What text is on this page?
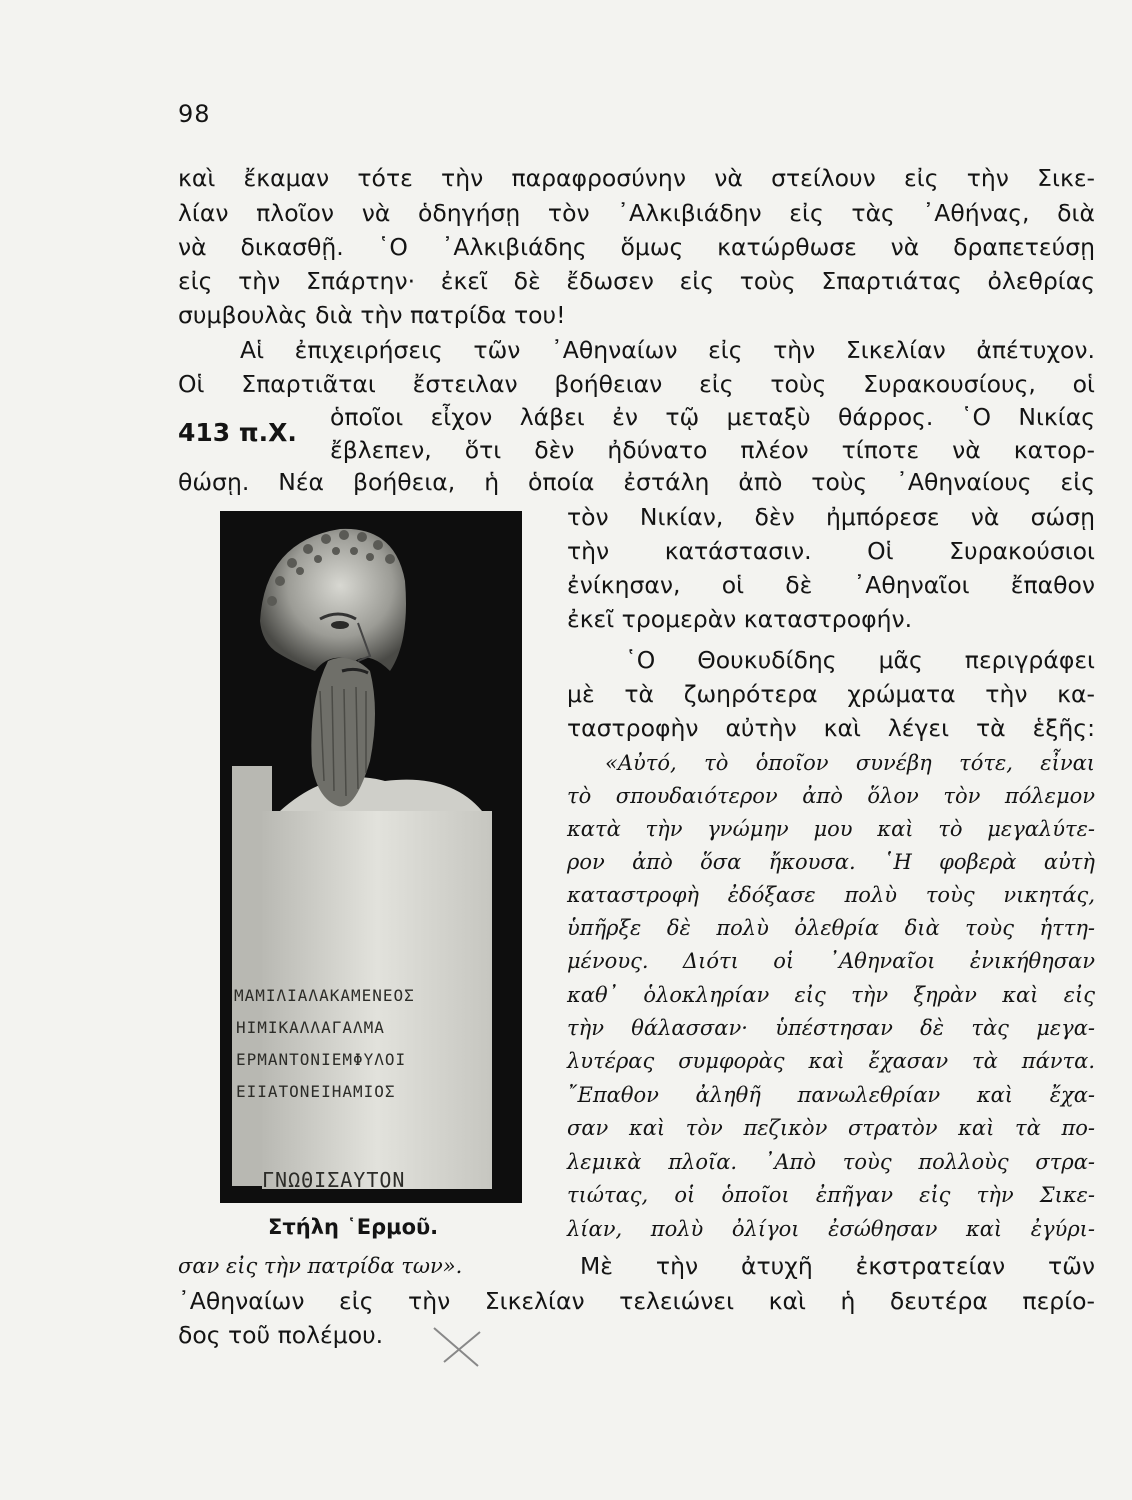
98
καὶ ἔκαμαν τότε τὴν παραφροσύνην νὰ στείλουν εἰς τὴν Σικε-
λίαν πλοῖον νὰ ὁδηγήσῃ τὸν ᾿Αλκιβιάδην εἰς τὰς ᾿Αθήνας, διὰ
νὰ δικασθῇ. ῾Ο ᾿Αλκιβιάδης ὅμως κατώρθωσε νὰ δραπετεύσῃ
εἰς τὴν Σπάρτην· ἐκεῖ δὲ ἔδωσεν εἰς τοὺς Σπαρτιάτας ὀλεθρίας
συμβουλὰς διὰ τὴν πατρίδα του!
Αἱ ἐπιχειρήσεις τῶν ᾿Αθηναίων εἰς τὴν Σικελίαν ἀπέτυχον.
Οἱ Σπαρτιᾶται ἔστειλαν βοήθειαν εἰς τοὺς Συρακουσίους, οἱ
413 π.Χ.
ὁποῖοι εἶχον λάβει ἐν τῷ μεταξὺ θάρρος. ῾Ο Νικίας
ἔβλεπεν, ὅτι δὲν ἠδύνατο πλέον τίποτε νὰ κατορ-
θώσῃ. Νέα βοήθεια, ἡ ὁποία ἐστάλη ἀπὸ τοὺς ᾿Αθηναίους εἰς
τὸν Νικίαν, δὲν ἠμπόρεσε νὰ σώσῃ
τὴν κατάστασιν. Οἱ Συρακούσιοι
ἐνίκησαν, οἱ δὲ ᾿Αθηναῖοι ἔπαθον
ἐκεῖ τρομερὰν καταστροφήν.
῾Ο Θουκυδίδης μᾶς περιγράφει
μὲ τὰ ζωηρότερα χρώματα τὴν κα-
ταστροφὴν αὐτὴν καὶ λέγει τὰ ἑξῆς:
«Αὐτό, τὸ ὁποῖον συνέβη τότε, εἶναι
τὸ σπουδαιότερον ἀπὸ ὅλον τὸν πόλεμον
κατὰ τὴν γνώμην μου καὶ τὸ μεγαλύτε-
ρον ἀπὸ ὅσα ἤκουσα. ῾Η φοβερὰ αὐτὴ
καταστροφὴ ἐδόξασε πολὺ τοὺς νικητάς,
ὑπῆρξε δὲ πολὺ ὀλεθρία διὰ τοὺς ἡττη-
μένους. Διότι οἱ ᾿Αθηναῖοι ἐνικήθησαν
καθ᾿ ὁλοκληρίαν εἰς τὴν ξηρὰν καὶ εἰς
τὴν θάλασσαν· ὑπέστησαν δὲ τὰς μεγα-
λυτέρας συμφορὰς καὶ ἔχασαν τὰ πάντα.
῎Επαθον ἀληθῆ πανωλεθρίαν καὶ ἔχα-
σαν καὶ τὸν πεζικὸν στρατὸν καὶ τὰ πο-
λεμικὰ πλοῖα. ᾿Απὸ τοὺς πολλοὺς στρα-
τιώτας, οἱ ὁποῖοι ἐπῆγαν εἰς τὴν Σικε-
λίαν, πολὺ ὀλίγοι ἐσώθησαν καὶ ἐγύρι-
σαν εἰς τὴν πατρίδα των».	Μὲ τὴν ἀτυχῆ ἐκστρατείαν τῶν
᾿Αθηναίων εἰς τὴν Σικελίαν τελειώνει καὶ ἡ δευτέρα περίο-
δος τοῦ πολέμου.
ΜΑΜΙΛΙΑΛΑΚΑΜΕΝΕΟΣ
ΗΙΜΙΚΑΛΛΑΓΑΛΜΑ
ΕΡΜΑΝΤΟΝΙΕΜΦΥΛΟΙ
ΕΙΙΑΤΟΝΕΙΗΑΜΙΟΣ
ΓΝΩΘΙΣΑΥΤΟΝ
Στήλη ῾Ερμοῦ.
